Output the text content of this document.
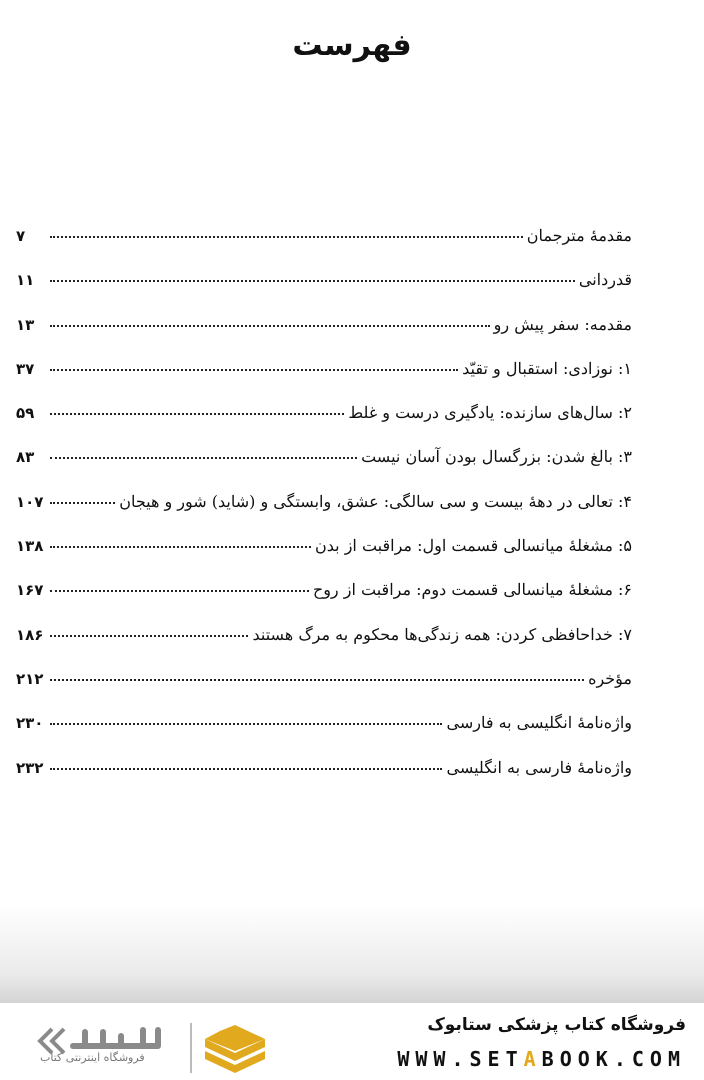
فهرست
مقدمهٔ مترجمان
۷
قدردانی
۱۱
مقدمه: سفر پیش رو
۱۳
۱: نوزادی: استقبال و تقیّد
۳۷
۲: سال‌های سازنده: یادگیری درست و غلط
۵۹
۳: بالغ شدن: بزرگسال بودن آسان نیست
۸۳
۴: تعالی در دههٔ بیست و سی سالگی: عشق، وابستگی و (شاید) شور و هیجان
۱۰۷
۵: مشغلهٔ میانسالی قسمت اول: مراقبت از بدن
۱۳۸
۶: مشغلهٔ میانسالی قسمت دوم: مراقبت از روح
۱۶۷
۷: خداحافظی کردن: همه زندگی‌ها محکوم به مرگ هستند
۱۸۶
مؤخره
۲۱۲
واژه‌نامهٔ انگلیسی به فارسی
۲۳۰
واژه‌نامهٔ فارسی به انگلیسی
۲۳۲
فروشگاه اینترنتی کتاب
فروشگاه کتاب پزشکی ستابوک
WWW.SETABOOK.COM
